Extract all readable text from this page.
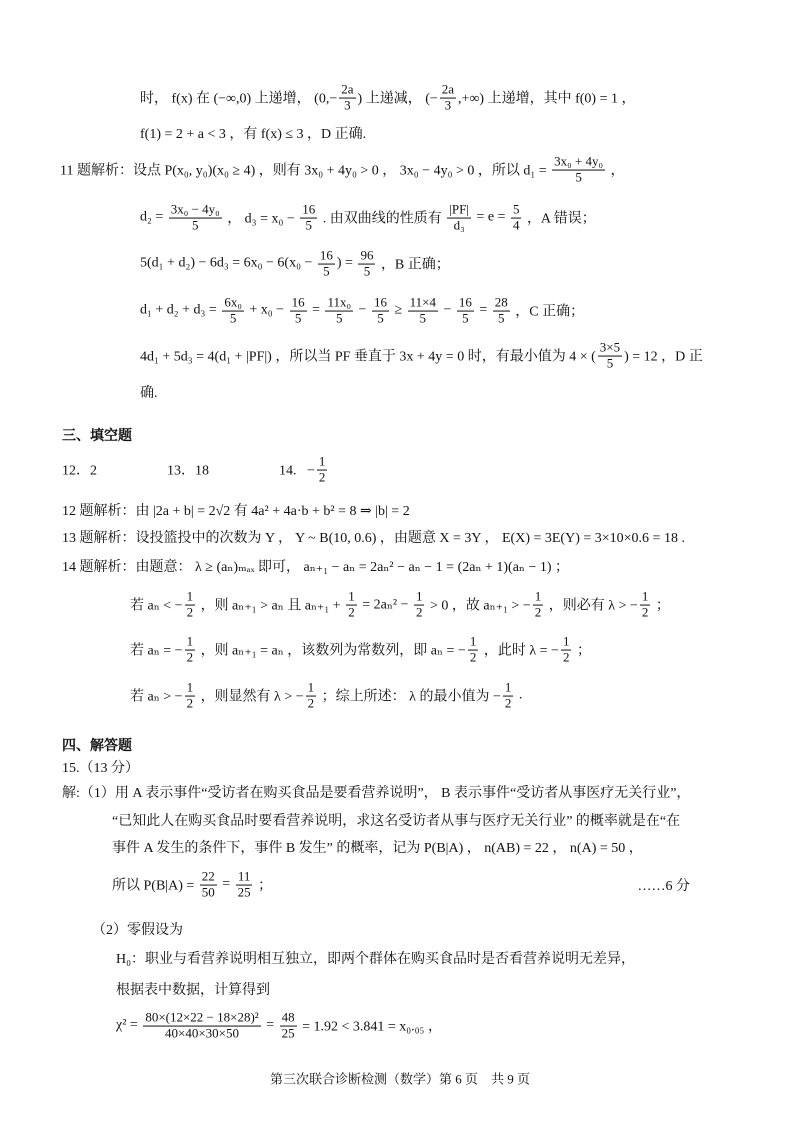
时， f(x) 在 (−∞,0) 上递增， ($0,- \frac{2a}{3}$ ) 上递减， (− $\frac{2a}{3}$ ,+∞) 上递增，其中 f(0) = 1 ，
f(1) = 2 + a < 3 ，有 f(x) ≤ 3 ，D 正确.
11 题解析：设点 P(x₀, y₀)(x₀ ≥ 4) ，则有 3x₀ + 4y₀ > 0 ， 3x₀ − 4y₀ > 0 ，所以 $d_1 = \frac{\text{3x₀ + 4y₀}}{5}$ ，
$d_2 = \frac{\text{3x₀ − 4y₀}}{5}$ ， $d_3 = x_0 - \frac{16}{5}$ . 由双曲线的性质有 $\frac{|PF|}{\text{d₃}} = e = \frac{5}{4}$ ，A 错误；
$5(d_1 + d_2) - 6d_3 = 6x_0 - 6(x_0 - \frac{16}{5}$ ) = $\frac{96}{5}$ ，B 正确；
$d_1 + d_2 + d_3 = \frac{\text{6x₀}}{5} + x_0 - \frac{16}{5} = \frac{\text{11x₀}}{5} - \frac{16}{5} \ge \frac{11\times 4}{5} - \frac{16}{5} = \frac{28}{5}$ ，C 正确；
4d₁ + 5d₃ = 4(d₁ + |PF|) ，所以当 PF 垂直于 3x + 4y = 0 时，有最小值为 4 × ( $\frac{3\times 5}{5}$ ) = 12 ，D 正
确.
三、填空题
12．2                    13．18                    14.   − $\frac{1}{2}$
12 题解析：由 |2a + b| = 2√2 有 4a² + 4a·b + b² = 8 ⇒ |b| = 2
13 题解析：设投篮投中的次数为 Y ， Y ~ B(10, 0.6) ，由题意 X = 3Y ， E(X) = 3E(Y) = 3×10×0.6 = 18 .
14 题解析：由题意： λ ≥ (aₙ)ₘₐₓ 即可， aₙ₊₁ − aₙ = 2aₙ² − aₙ − 1 = (2aₙ + 1)(aₙ − 1) ；
若 aₙ < − $\frac{1}{2}$ ，则 aₙ₊₁ > aₙ 且 $a_{n+1} + \frac{1}{2} = 2a_n^2 - \frac{1}{2} > 0$ ，故 aₙ₊₁ > − $\frac{1}{2}$ ，则必有 λ > − $\frac{1}{2}$ ；
若 aₙ = − $\frac{1}{2}$ ，则 aₙ₊₁ = aₙ ，该数列为常数列，即 aₙ = − $\frac{1}{2}$ ，此时 λ = − $\frac{1}{2}$ ；
若 aₙ > − $\frac{1}{2}$ ，则显然有 λ > − $\frac{1}{2}$ ；综上所述： λ 的最小值为 − $\frac{1}{2}$ .
四、解答题
15.（13 分）
解:（1）用 A 表示事件“受访者在购买食品是要看营养说明”， B 表示事件“受访者从事医疗无关行业”，
“已知此人在购买食品时要看营养说明，求这名受访者从事与医疗无关行业” 的概率就是在“在
事件 A 发生的条件下，事件 B 发生” 的概率，记为 P(B|A) ， n(AB) = 22 ， n(A) = 50 ，
所以 $P(B|A) = \frac{22}{50} = \frac{11}{25}$ ；	……6 分
（2）零假设为
H₀：职业与看营养说明相互独立，即两个群体在购买食品时是否看营养说明无差异，
根据表中数据，计算得到
$\chi^2 = \frac{\text{80×(12×22 − 18×28)²}}{40\times 40\times 30\times 50} = \frac{48}{25} = 1.92 < 3.841 = x_0._{05}$ ，
第三次联合诊断检测（数学）第 6 页　共 9 页
